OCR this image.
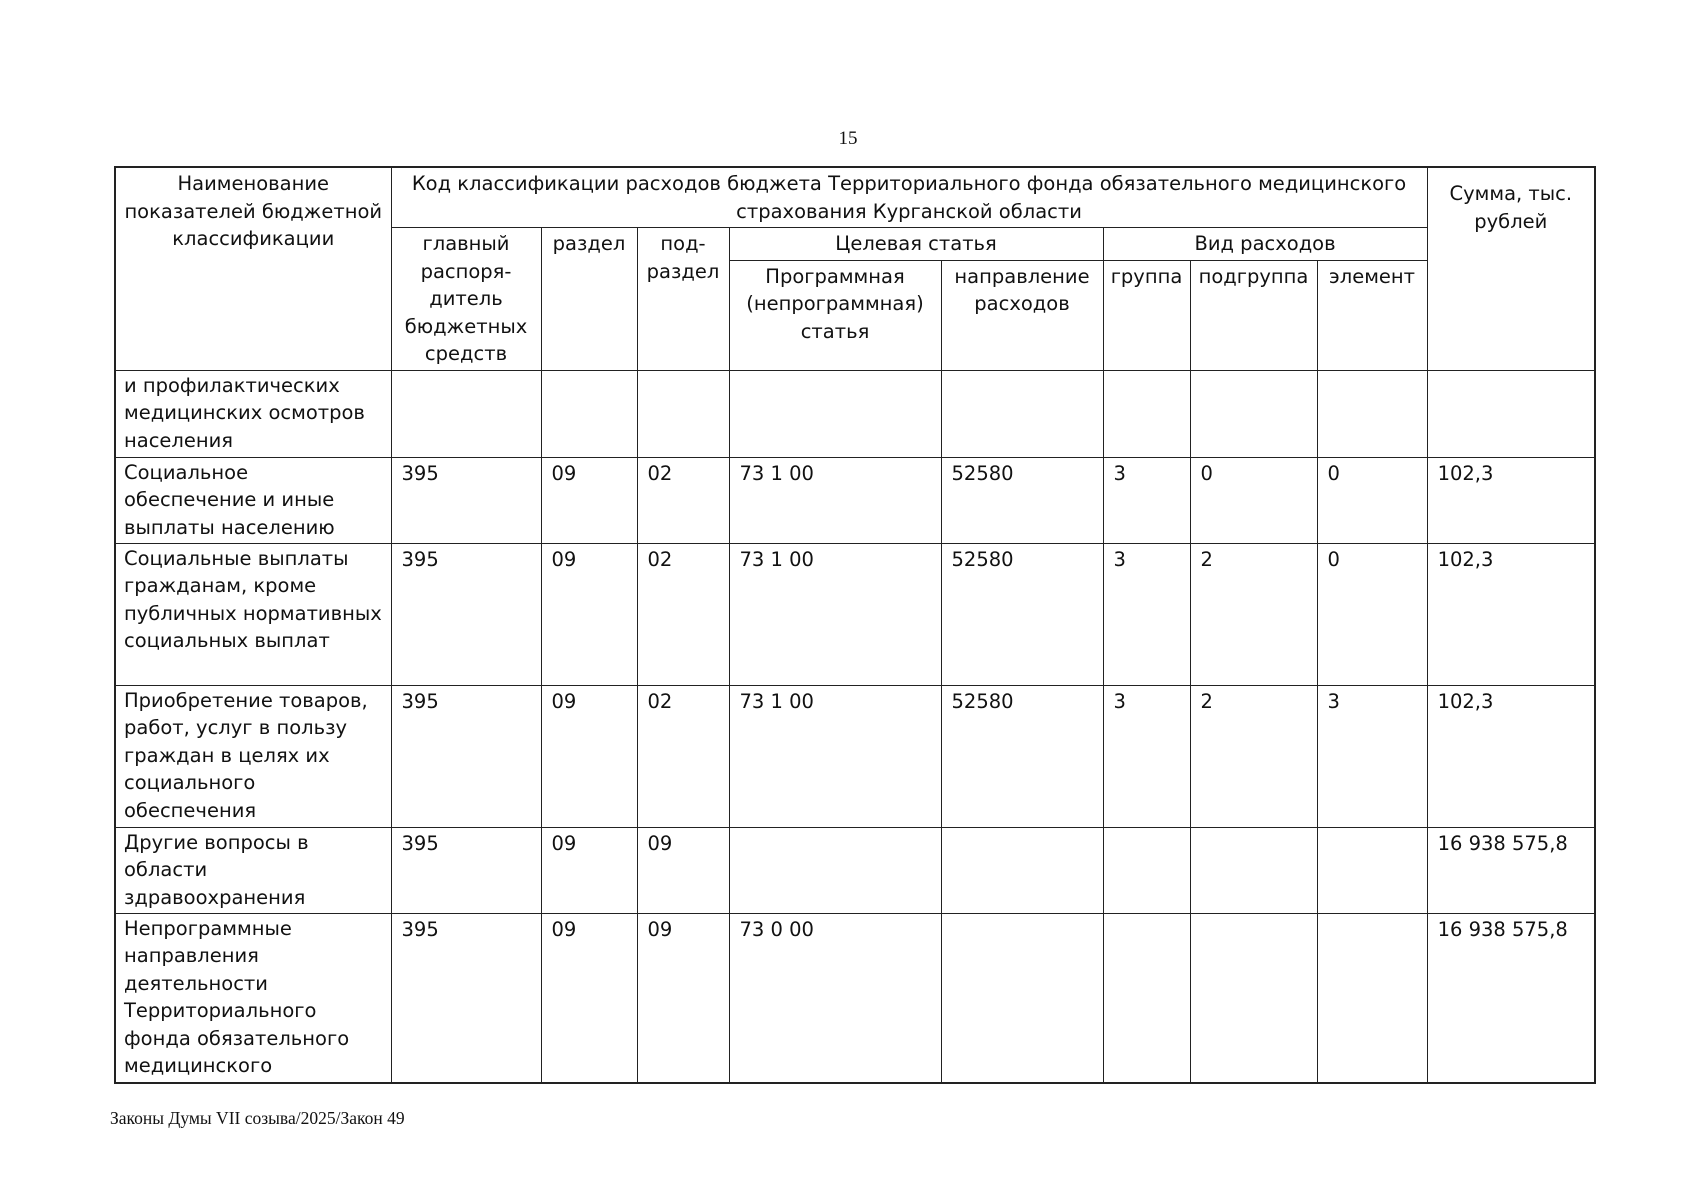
15
Наименование показателей бюджетной классификации	Код классификации расходов бюджета Территориального фонда обязательного медицинского страхования Курганской области								Сумма, тыс. рублей
	главный распоря-дитель бюджетных средств	раздел	под-раздел	Целевая статья		Вид расходов			
				Программная (непрограммная) статья	направление расходов	группа	подгруппа	элемент	
и профилактических медицинских осмотров населения									
Социальное обеспечение и иные выплаты населению	395	09	02	73 1 00	52580	3	0	0	102,3
Социальные выплаты гражданам, кроме публичных нормативных социальных выплат	395	09	02	73 1 00	52580	3	2	0	102,3
Приобретение товаров, работ, услуг в пользу граждан в целях их социального обеспечения	395	09	02	73 1 00	52580	3	2	3	102,3
Другие вопросы в области здравоохранения	395	09	09						16 938 575,8
Непрограммные направления деятельности Территориального фонда обязательного медицинского	395	09	09	73 0 00					16 938 575,8
Законы Думы VII созыва/2025/Закон 49
